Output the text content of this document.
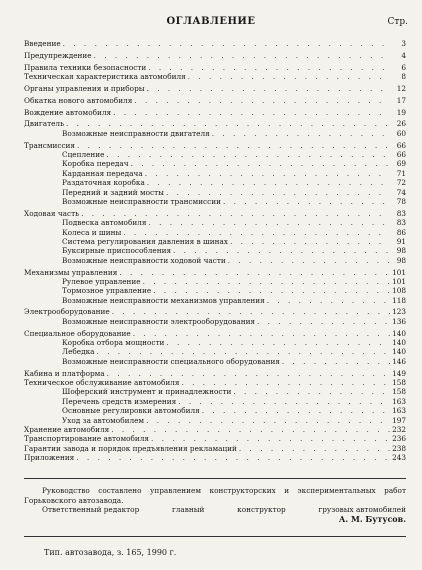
ОГЛАВЛЕНИЕ	Стр.
Введение . . .	3
Предупреждение . . .	4
Правила техники безопасности . . .	6
Техническая характеристика автомобиля . . .	8
Органы управления и приборы . . .	12
Обкатка нового автомобиля . . .	17
Вождение автомобиля . . .	19
Двигатель . . .	26
Возможные неисправности двигателя . . .	60
Трансмиссия . . .	66
Сцепление . . .	66
Коробка передач . . .	69
Карданная передача . . .	71
Раздаточная коробка . . .	72
Передний и задний мосты . . .	74
Возможные неисправности трансмиссии . . .	78
Ходовая часть . . .	83
Подвеска автомобиля . . .	83
Колеса и шины . . .	86
Система регулирования давления в шинах . . .	91
Буксирные приспособления . . .	98
Возможные неисправности ходовой части . . .	98
Механизмы управления . . .	101
Рулевое управление . . .	101
Тормозное управление . . .	108
Возможные неисправности механизмов управления . . .	118
Электрооборудование . . .	123
Возможные неисправности электрооборудования . . .	136
Специальное оборудование . . .	140
Коробка отбора мощности . . .	140
Лебедка . . .	140
Возможные неисправности специального оборудования . . .	146
Кабина и платформа . . .	149
Техническое обслуживание автомобиля . . .	158
Шоферский инструмент и принадлежности . . .	158
Перечень средств измерения . . .	163
Основные регулировки автомобиля . . .	163
Уход за автомобилем . . .	197
Хранение автомобиля . . .	232
Транспортирование автомобиля . . .	236
Гарантии завода и порядок предъявления рекламаций . . .	238
Приложения . . .	243

Руководство составлено управлением конструкторских и экспериментальных работ Горьковского автозавода.

Ответственный редактор	главный	конструктор	грузовых автомобилей

А. М. Бутусов.
Тип. автозавода, з. 165, 1990 г.
